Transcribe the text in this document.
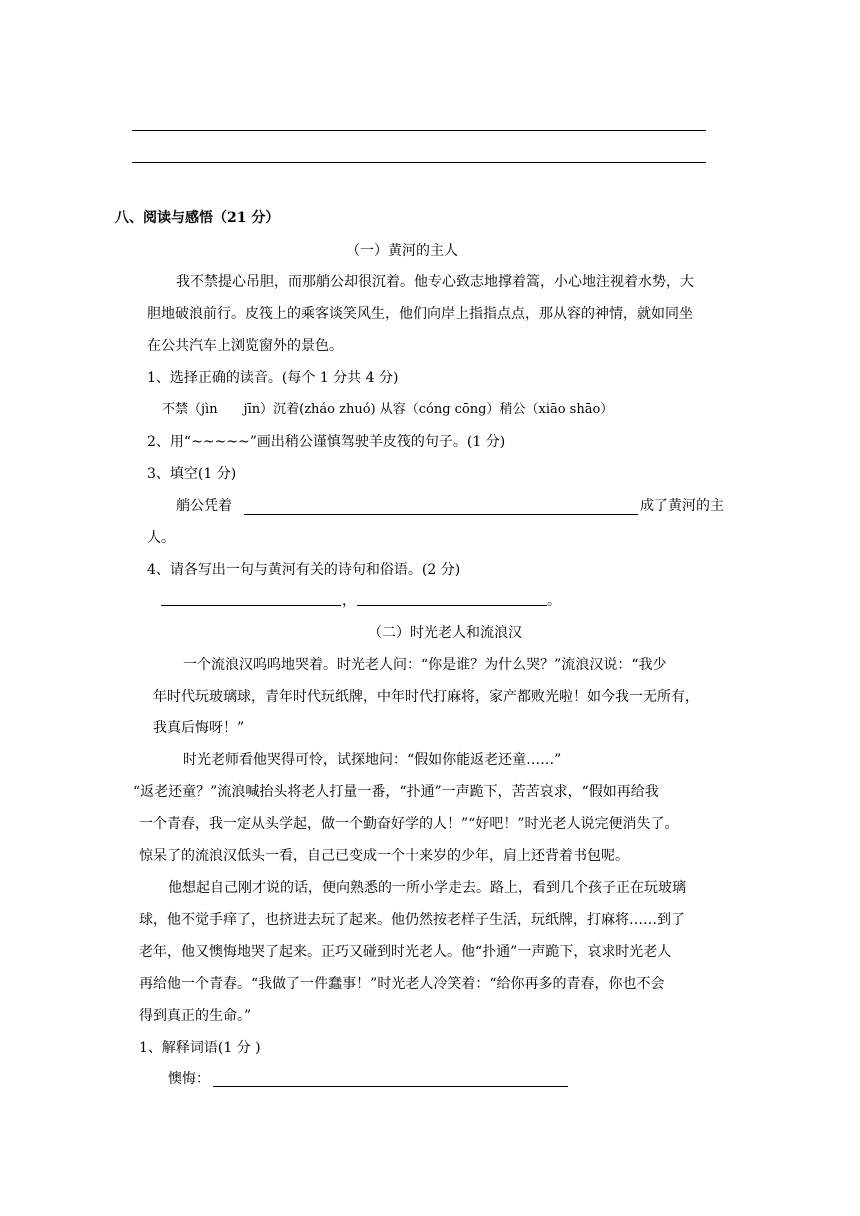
八、阅读与感悟（21 分）
（一）黄河的主人
我不禁提心吊胆，而那艄公却很沉着。他专心致志地撑着篙，小心地注视着水势，大
胆地破浪前行。皮筏上的乘客谈笑风生，他们向岸上指指点点，那从容的神情，就如同坐
在公共汽车上浏览窗外的景色。
1、选择正确的读音。(每个 1 分共 4 分)
不禁（jìn　　jīn）沉着(zháo zhuó) 从容（cóng cōng）稍公（xiāo shāo）
2、用“~~~~~”画出稍公谨慎驾驶羊皮筏的句子。(1 分)
3、填空(1 分)
艄公凭着	成了黄河的主
人。
4、请各写出一句与黄河有关的诗句和俗语。(2 分)
，	。
（二）时光老人和流浪汉
一个流浪汉呜呜地哭着。时光老人问：“你是谁？为什么哭？”流浪汉说：“我少
年时代玩玻璃球，青年时代玩纸牌，中年时代打麻将，家产都败光啦！如今我一无所有，
我真后悔呀！”
时光老师看他哭得可怜，试探地问：“假如你能返老还童……”
“返老还童？”流浪喊抬头将老人打量一番，“扑通”一声跪下，苦苦哀求，“假如再给我
一个青春，我一定从头学起，做一个勤奋好学的人！”“好吧！”时光老人说完便消失了。
惊呆了的流浪汉低头一看，自己已变成一个十来岁的少年，肩上还背着书包呢。
他想起自己刚才说的话，便向熟悉的一所小学走去。路上，看到几个孩子正在玩玻璃
球，他不觉手痒了，也挤进去玩了起来。他仍然按老样子生活，玩纸牌，打麻将……到了
老年，他又懊悔地哭了起来。正巧又碰到时光老人。他“扑通”一声跪下，哀求时光老人
再给他一个青春。“我做了一件蠢事！”时光老人冷笑着：“给你再多的青春，你也不会
得到真正的生命。”
1、解释词语(1 分 )
懊悔：
